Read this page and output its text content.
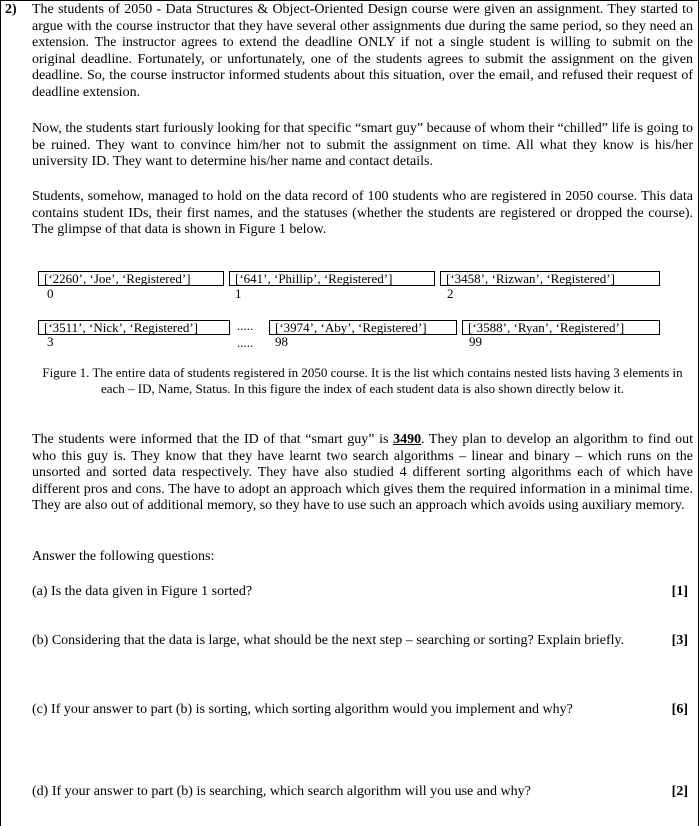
2) The students of 2050 - Data Structures & Object-Oriented Design course were given an assignment. They started to argue with the course instructor that they have several other assignments due during the same period, so they need an extension. The instructor agrees to extend the deadline ONLY if not a single student is willing to submit on the original deadline. Fortunately, or unfortunately, one of the students agrees to submit the assignment on the given deadline. So, the course instructor informed students about this situation, over the email, and refused their request of deadline extension.

Now, the students start furiously looking for that specific “smart guy” because of whom their “chilled” life is going to be ruined. They want to convince him/her not to submit the assignment on time. All what they know is his/her university ID. They want to determine his/her name and contact details.

Students, somehow, managed to hold on the data record of 100 students who are registered in 2050 course. This data contains student IDs, their first names, and the statuses (whether the students are registered or dropped the course). The glimpse of that data is shown in Figure 1 below.

[‘2260’, ‘Joe’, ‘Registered’]
0
[‘641’, ‘Phillip’, ‘Registered’]
1
[‘3458’, ‘Rizwan’, ‘Registered’]
2
[‘3511’, ‘Nick’, ‘Registered’]
3
.....
.....
[‘3974’, ‘Aby’, ‘Registered’]
98
[‘3588’, ‘Ryan’, ‘Registered’]
99

Figure 1. The entire data of students registered in 2050 course. It is the list which contains nested lists having 3 elements in each – ID, Name, Status. In this figure the index of each student data is also shown directly below it.

The students were informed that the ID of that “smart guy” is 3490. They plan to develop an algorithm to find out who this guy is. They know that they have learnt two search algorithms – linear and binary – which runs on the unsorted and sorted data respectively. They have also studied 4 different sorting algorithms each of which have different pros and cons. The have to adopt an approach which gives them the required information in a minimal time. They are also out of additional memory, so they have to use such an approach which avoids using auxiliary memory.

Answer the following questions:
(a) Is the data given in Figure 1 sorted?	[1]
(b) Considering that the data is large, what should be the next step – searching or sorting? Explain briefly.	[3]
(c) If your answer to part (b) is sorting, which sorting algorithm would you implement and why?	[6]
(d) If your answer to part (b) is searching, which search algorithm will you use and why?	[2]
